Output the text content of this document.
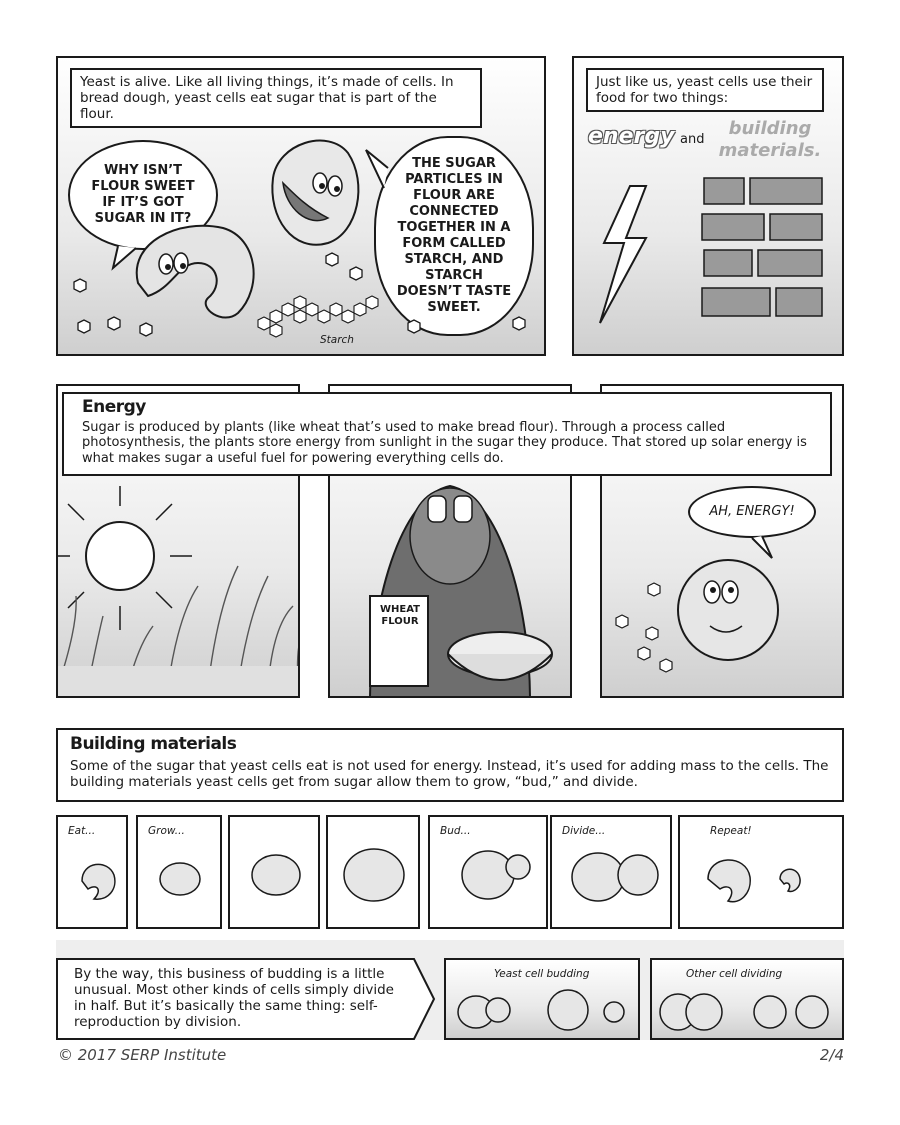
Yeast is alive. Like all living things, it’s made of cells. In bread dough, yeast cells eat sugar that is part of the flour.
WHY ISN’T FLOUR SWEET IF IT’S GOT SUGAR IN IT?
THE SUGAR PARTICLES IN FLOUR ARE CONNECTED TOGETHER IN A FORM CALLED STARCH, AND STARCH DOESN’T TASTE SWEET.
Starch
Just like us, yeast cells use their food for two things:
energy and
building materials.
WHEAT FLOUR
AH, ENERGY!
Energy
Sugar is produced by plants (like wheat that’s used to make bread flour). Through a process called photosynthesis, the plants store energy from sunlight in the sugar they produce. That stored up solar energy is what makes sugar a useful fuel for powering everything cells do.
Building materials
Some of the sugar that yeast cells eat is not used for energy. Instead, it’s used for adding mass to the cells. The building materials yeast cells get from sugar allow them to grow, “bud,” and divide.
Eat...	Grow...	Bud...	Divide...	Repeat!
By the way, this business of budding is a little unusual. Most other kinds of cells simply divide in half. But it’s basically the same thing: self-reproduction by division.
Yeast cell budding	Other cell dividing
© 2017 SERP Institute	2/4
